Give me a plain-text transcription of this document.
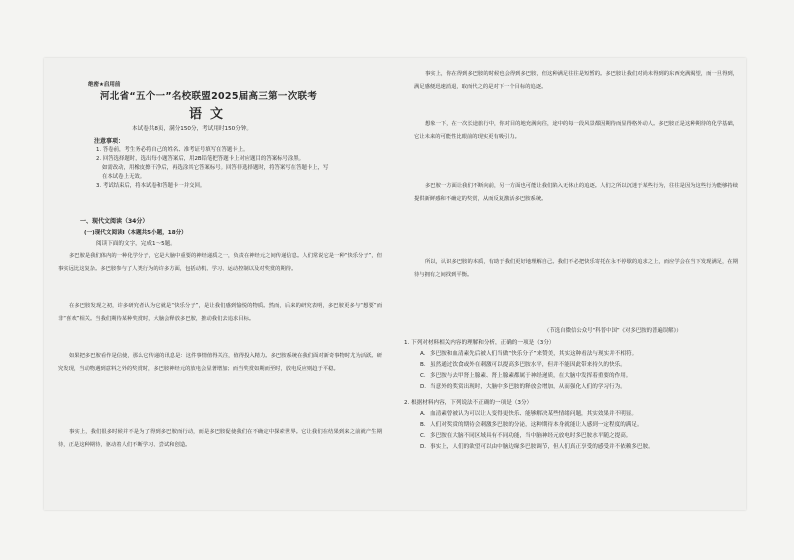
绝密★启用前
河北省“五个一”名校联盟2025届高三第一次联考
语文
本试卷共8页，满分150分，考试用时150分钟。
注意事项：
1. 答卷前，考生务必将自己的姓名、准考证号填写在答题卡上。
2. 回答选择题时，选出每小题答案后，用2B铅笔把答题卡上对应题目的答案标号涂黑。
如需改动，用橡皮擦干净后，再选涂其它答案标号。回答非选择题时，将答案写在答题卡上，写
在本试卷上无效。
3. 考试结束后，将本试卷和答题卡一并交回。
一、现代文阅读（34分）
(一)现代文阅读Ⅰ（本题共5小题，18分）
阅读下面的文字，完成1～5题。
多巴胺是我们体内的一种化学分子，它是大脑中重要的神经递质之一，负责在神经元之间传递信息。人们常说它是一种“快乐分子”，但事实远比这复杂。多巴胺参与了人类行为的许多方面，包括动机、学习、运动控制以及对奖赏的期待。
在多巴胺发现之初，许多研究者认为它就是“快乐分子”，是让我们感到愉悦的物质。然而，后来的研究表明，多巴胺更多与“想要”而非“喜欢”相关。当我们期待某种奖赏时，大脑会释放多巴胺，推动我们去追求目标。
如果把多巴胺看作是信使，那么它传递的讯息是：这件事情值得关注，值得投入精力。多巴胺系统在我们面对新奇事物时尤为活跃。研究发现，当动物遇到意料之外的奖赏时，多巴胺神经元的放电会显著增加；而当奖赏如期而至时，放电反应则趋于平稳。
事实上，我们很多时候并不是为了得到多巴胺而行动，而是多巴胺促使我们在不确定中探索世界。它让我们在结果到来之前就产生期待，正是这种期待，驱动着人们不断学习、尝试和创造。
事实上，你在得到多巴胺的时候也会得到多巴胺，但这种满足往往是短暂的。多巴胺让我们对尚未得到的东西充满渴望，而一旦得到，满足感便迅速消退，取而代之的是对下一个目标的追逐。
想象一下，在一次长途旅行中，你对目的地充满向往，途中的每一段风景都因期待而显得格外动人。多巴胺正是这种期待的化学基础，它让未来的可能性比眼前的现实更有吸引力。
多巴胺一方面让我们不断向前，另一方面也可能让我们陷入无休止的追逐。人们之所以沉迷于某些行为，往往是因为这些行为能够持续提供新鲜感和不确定的奖赏，从而反复激活多巴胺系统。
所以，认识多巴胺的本质，有助于我们更好地理解自己。我们不必把快乐寄托在永不停歇的追求之上，而应学会在当下发现满足，在期待与拥有之间找到平衡。
（节选自微信公众号“科普中国”《对多巴胺的普遍误解》）
1. 下列对材料相关内容的理解和分析，正确的一项是（3分）
A. 多巴胺和血清素先后被人们当做“快乐分子”来赞美，其实这种看法与现实并不相符。
B. 虽然通过饮食或外在刺激可以提高多巴胺水平，但并不能因此带来持久的快乐。
C. 多巴胺与去甲肾上腺素、肾上腺素都属于神经递质，在大脑中发挥着重要的作用。
D. 当意外的奖赏出现时，大脑中多巴胺的释放会增加，从而强化人们的学习行为。
2. 根据材料内容，下列说法不正确的一项是（3分）
A. 血清素曾被认为可以让人变得更快乐、能够解决某些情绪问题，其实效果并不明显。
B. 人们对奖赏的期待会刺激多巴胺的分泌，这种期待本身就能让人感到一定程度的满足。
C. 多巴胺在大脑不同区域具有不同功能，当中脑神经元放电时多巴胺水平随之提高。
D. 事实上，人们的欲望可以由中脑边缘多巴胺调节，但人们真正享受的感受并不依赖多巴胺。
